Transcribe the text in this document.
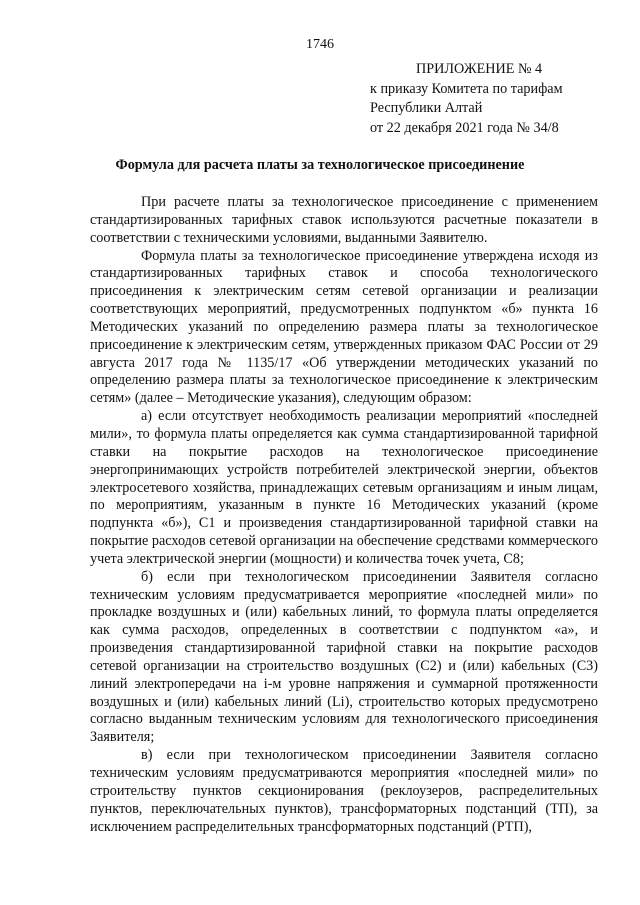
1746
ПРИЛОЖЕНИЕ № 4
к приказу Комитета по тарифам
Республики Алтай
от 22 декабря 2021 года № 34/8
Формула для расчета платы за технологическое присоединение

При расчете платы за технологическое присоединение с применением стандартизированных тарифных ставок используются расчетные показатели в соответствии с техническими условиями, выданными Заявителю.

Формула платы за технологическое присоединение утверждена исходя из стандартизированных тарифных ставок и способа технологического присоединения к электрическим сетям сетевой организации и реализации соответствующих мероприятий, предусмотренных подпунктом «б» пункта 16 Методических указаний по определению размера платы за технологическое присоединение к электрическим сетям, утвержденных приказом ФАС России от 29 августа 2017 года № 1135/17 «Об утверждении методических указаний по определению размера платы за технологическое присоединение к электрическим сетям» (далее – Методические указания), следующим образом:

а) если отсутствует необходимость реализации мероприятий «последней мили», то формула платы определяется как сумма стандартизированной тарифной ставки на покрытие расходов на технологическое присоединение энергопринимающих устройств потребителей электрической энергии, объектов электросетевого хозяйства, принадлежащих сетевым организациям и иным лицам, по мероприятиям, указанным в пункте 16 Методических указаний (кроме подпункта «б»), С1 и произведения стандартизированной тарифной ставки на покрытие расходов сетевой организации на обеспечение средствами коммерческого учета электрической энергии (мощности) и количества точек учета, С8;

б) если при технологическом присоединении Заявителя согласно техническим условиям предусматривается мероприятие «последней мили» по прокладке воздушных и (или) кабельных линий, то формула платы определяется как сумма расходов, определенных в соответствии с подпунктом «а», и произведения стандартизированной тарифной ставки на покрытие расходов сетевой организации на строительство воздушных (С2) и (или) кабельных (С3) линий электропередачи на i-м уровне напряжения и суммарной протяженности воздушных и (или) кабельных линий (Li), строительство которых предусмотрено согласно выданным техническим условиям для технологического присоединения Заявителя;

в) если при технологическом присоединении Заявителя согласно техническим условиям предусматриваются мероприятия «последней мили» по строительству пунктов секционирования (реклоузеров, распределительных пунктов, переключательных пунктов), трансформаторных подстанций (ТП), за исключением распределительных трансформаторных подстанций (РТП),
